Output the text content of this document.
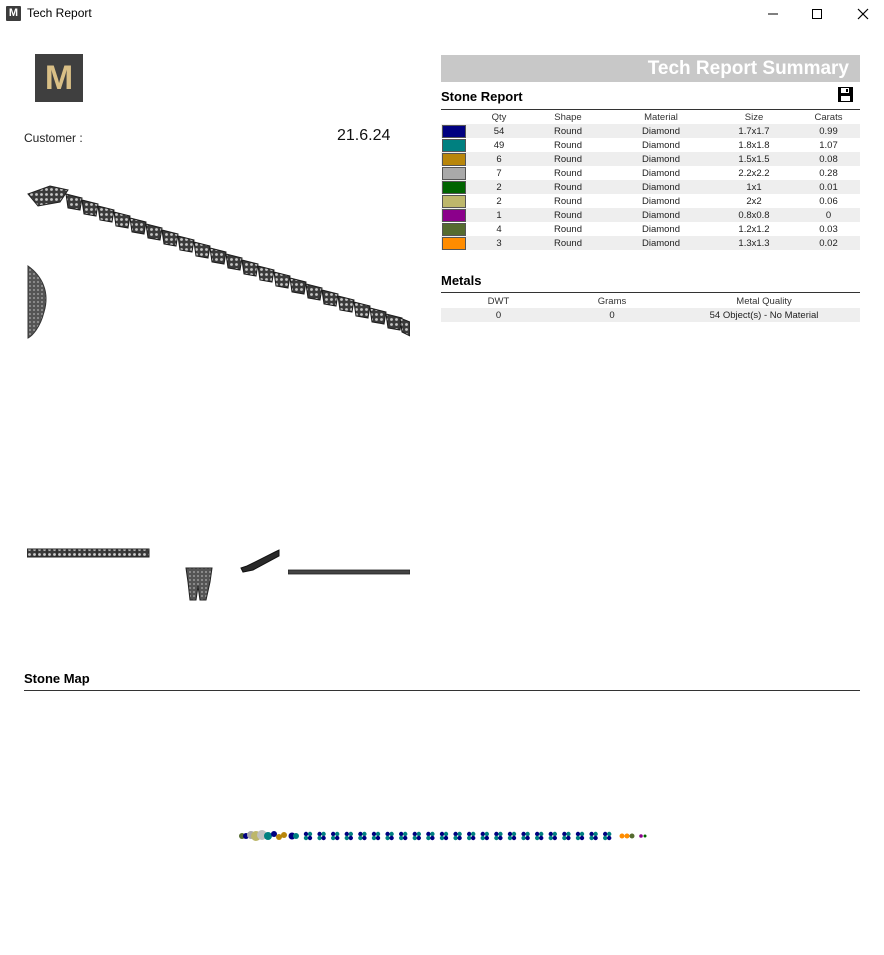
M Tech Report
M
Customer :	21.6.24
Tech Report Summary
Stone Report
	Qty	Shape	Material	Size	Carats

	54	Round	Diamond	1.7x1.7	0.99

	49	Round	Diamond	1.8x1.8	1.07

	6	Round	Diamond	1.5x1.5	0.08

	7	Round	Diamond	2.2x2.2	0.28

	2	Round	Diamond	1x1	0.01

	2	Round	Diamond	2x2	0.06

	1	Round	Diamond	0.8x0.8	0

	4	Round	Diamond	1.2x1.2	0.03

	3	Round	Diamond	1.3x1.3	0.02
Metals
DWT	Grams	Metal Quality
0	0	54 Object(s) - No Material
Stone Map
